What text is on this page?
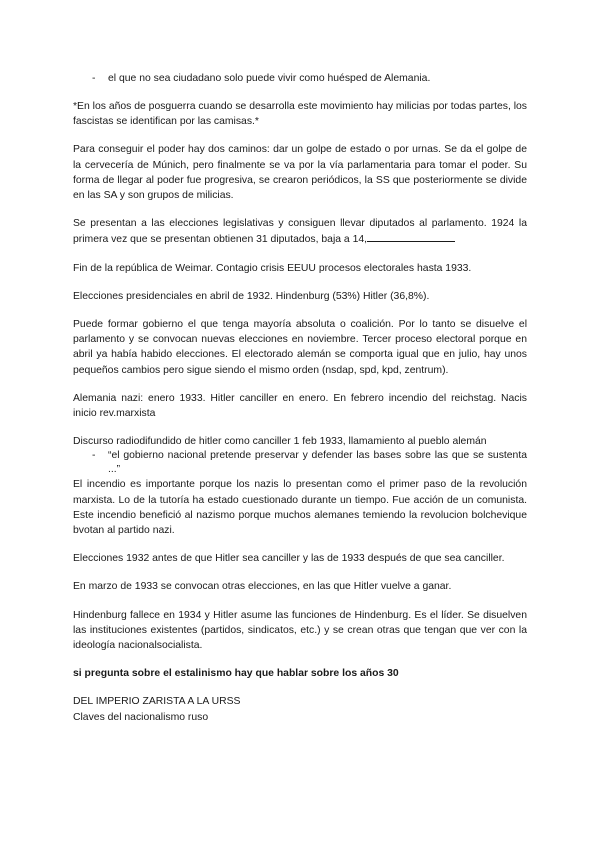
-	el que no sea ciudadano solo puede vivir como huésped de Alemania.

*En los años de posguerra cuando se desarrolla este movimiento hay milicias por todas partes, los fascistas se identifican por las camisas.*

Para conseguir el poder hay dos caminos: dar un golpe de estado o por urnas. Se da el golpe de la cervecería de Múnich, pero finalmente se va por la vía parlamentaria para tomar el poder. Su forma de llegar al poder fue progresiva, se crearon periódicos, la SS que posteriormente se divide en las SA y son grupos de milicias.

Se presentan a las elecciones legislativas y consiguen llevar diputados al parlamento. 1924 la primera vez que se presentan obtienen 31 diputados, baja a 14,

Fin de la república de Weimar. Contagio crisis EEUU procesos electorales hasta 1933.

Elecciones presidenciales en abril de 1932. Hindenburg (53%) Hitler (36,8%).

Puede formar gobierno el que tenga mayoría absoluta o coalición. Por lo tanto se disuelve el parlamento y se convocan nuevas elecciones en noviembre. Tercer proceso electoral porque en abril ya había habido elecciones. El electorado alemán se comporta igual que en julio, hay unos pequeños cambios pero sigue siendo el mismo orden (nsdap, spd, kpd, zentrum).

Alemania nazi: enero 1933. Hitler canciller en enero. En febrero incendio del reichstag. Nacis inicio rev.marxista

Discurso radiodifundido de hitler como canciller 1 feb 1933, llamamiento al pueblo alemán

-	“el gobierno nacional pretende preservar y defender las bases sobre las que se sustenta ...”

El incendio es importante porque los nazis lo presentan como el primer paso de la revolución marxista. Lo de la tutoría ha estado cuestionado durante un tiempo. Fue acción de un comunista. Este incendio benefició al nazismo porque muchos alemanes temiendo la revolucion bolchevique bvotan al partido nazi.

Elecciones 1932 antes de que Hitler sea canciller y las de 1933 después de que sea canciller.

En marzo de 1933 se convocan otras elecciones, en las que Hitler vuelve a ganar.

Hindenburg fallece en 1934 y Hitler asume las funciones de Hindenburg. Es el líder. Se disuelven las instituciones existentes (partidos, sindicatos, etc.) y se crean otras que tengan que ver con la ideología nacionalsocialista.

si pregunta sobre el estalinismo hay que hablar sobre los años 30

DEL IMPERIO ZARISTA A LA URSS

Claves del nacionalismo ruso
